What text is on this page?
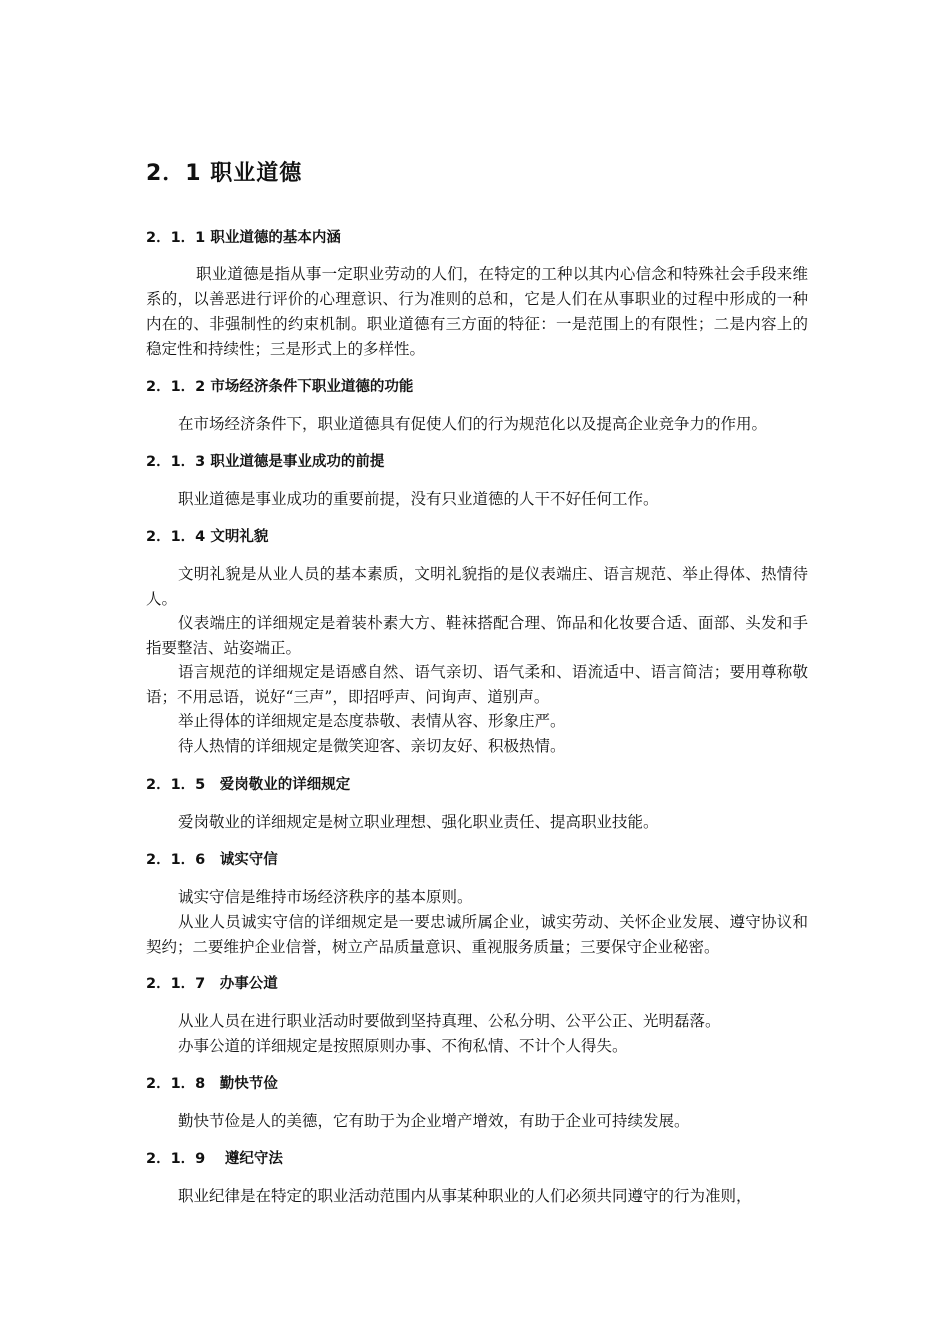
2．1 职业道德
2．1．1 职业道德的基本内涵

职业道德是指从事一定职业劳动的人们，在特定的工种以其内心信念和特殊社会手段来维系的，以善恶进行评价的心理意识、行为准则的总和，它是人们在从事职业的过程中形成的一种内在的、非强制性的约束机制。职业道德有三方面的特征：一是范围上的有限性；二是内容上的稳定性和持续性；三是形式上的多样性。

2．1．2 市场经济条件下职业道德的功能

在市场经济条件下，职业道德具有促使人们的行为规范化以及提高企业竞争力的作用。

2．1．3 职业道德是事业成功的前提

职业道德是事业成功的重要前提，没有只业道德的人干不好任何工作。

2．1．4 文明礼貌

文明礼貌是从业人员的基本素质，文明礼貌指的是仪表端庄、语言规范、举止得体、热情待人。

仪表端庄的详细规定是着装朴素大方、鞋袜搭配合理、饰品和化妆要合适、面部、头发和手指要整洁、站姿端正。

语言规范的详细规定是语感自然、语气亲切、语气柔和、语流适中、语言简洁；要用尊称敬语；不用忌语，说好“三声”，即招呼声、问询声、道别声。

举止得体的详细规定是态度恭敬、表情从容、形象庄严。

待人热情的详细规定是微笑迎客、亲切友好、积极热情。

2．1．5　爱岗敬业的详细规定

爱岗敬业的详细规定是树立职业理想、强化职业责任、提高职业技能。

2．1．6　诚实守信

诚实守信是维持市场经济秩序的基本原则。

从业人员诚实守信的详细规定是一要忠诚所属企业，诚实劳动、关怀企业发展、遵守协议和契约；二要维护企业信誉，树立产品质量意识、重视服务质量；三要保守企业秘密。

2．1．7　办事公道

从业人员在进行职业活动时要做到坚持真理、公私分明、公平公正、光明磊落。

办事公道的详细规定是按照原则办事、不徇私情、不计个人得失。

2．1．8　勤快节俭

勤快节俭是人的美德，它有助于为企业增产增效，有助于企业可持续发展。

2．1．9　 遵纪守法

职业纪律是在特定的职业活动范围内从事某种职业的人们必须共同遵守的行为准则，
